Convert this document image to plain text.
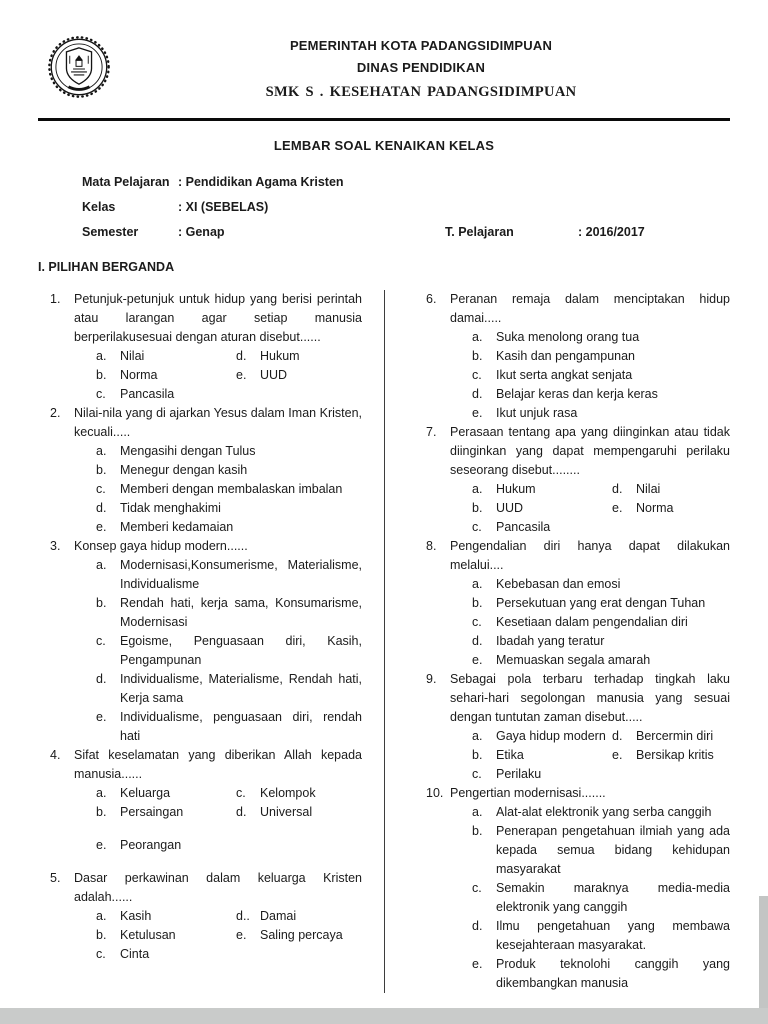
PEMERINTAH KOTA PADANGSIDIMPUAN
DINAS PENDIDIKAN
SMK S . KESEHATAN PADANGSIDIMPUAN
LEMBAR SOAL KENAIKAN KELAS
Mata Pelajaran : Pendidikan Agama Kristen
Kelas	: XI (SEBELAS)
Semester	: Genap	T. Pelajaran	: 2016/2017
I. PILIHAN BERGANDA
1.	Petunjuk-petunjuk untuk hidup yang berisi perintah atau larangan agar setiap manusia berperilakusesuai dengan aturan disebut......
a.	Nilai	d.	Hukum
b.	Norma	e.	UUD
c.	Pancasila
2.	Nilai-nila yang di ajarkan Yesus dalam Iman Kristen, kecuali.....
a.	Mengasihi dengan Tulus
b.	Menegur dengan kasih
c.	Memberi dengan membalaskan imbalan
d.	Tidak menghakimi
e.	Memberi kedamaian
3.	Konsep gaya hidup modern......
a.	Modernisasi,Konsumerisme, Materialisme, Individualisme
b.	Rendah hati, kerja sama, Konsumarisme, Modernisasi
c.	Egoisme, Penguasaan diri, Kasih, Pengampunan
d.	Individualisme, Materialisme, Rendah hati, Kerja sama
e.	Individualisme, penguasaan diri, rendah hati
4.	Sifat keselamatan yang diberikan Allah kepada manusia......
a.	Keluarga	c.	Kelompok
b.	Persaingan	d.	Universal
e.	Peorangan
5.	Dasar perkawinan dalam keluarga Kristen adalah......
a.	Kasih	d.. Damai
b.	Ketulusan	e.	Saling percaya
c.	Cinta
6.	Peranan remaja dalam menciptakan hidup damai.....
a.	Suka menolong orang tua
b.	Kasih dan pengampunan
c.	Ikut serta angkat senjata
d.	Belajar keras dan kerja keras
e.	Ikut unjuk rasa
7.	Perasaan tentang apa yang diinginkan atau tidak diinginkan yang dapat mempengaruhi perilaku seseorang disebut........
a.	Hukum	d.	Nilai
b.	UUD	e.	Norma
c.	Pancasila
8.	Pengendalian diri hanya dapat dilakukan melalui....
a.	Kebebasan dan emosi
b.	Persekutuan yang erat dengan Tuhan
c.	Kesetiaan dalam pengendalian diri
d.	Ibadah yang teratur
e.	Memuaskan segala amarah
9.	Sebagai pola terbaru terhadap tingkah laku sehari-hari segolongan manusia yang sesuai dengan tuntutan zaman disebut.....
a.	Gaya hidup modern d.	Bercermin diri
b.	Etika	e.	Bersikap kritis
c.	Perilaku
10. Pengertian modernisasi.......
a.	Alat-alat elektronik yang serba canggih
b.	Penerapan pengetahuan ilmiah yang ada kepada semua bidang kehidupan masyarakat
c.	Semakin maraknya media-media elektronik yang canggih
d.	Ilmu pengetahuan yang membawa kesejahteraan masyarakat.
e.	Produk teknolohi canggih yang dikembangkan manusia
